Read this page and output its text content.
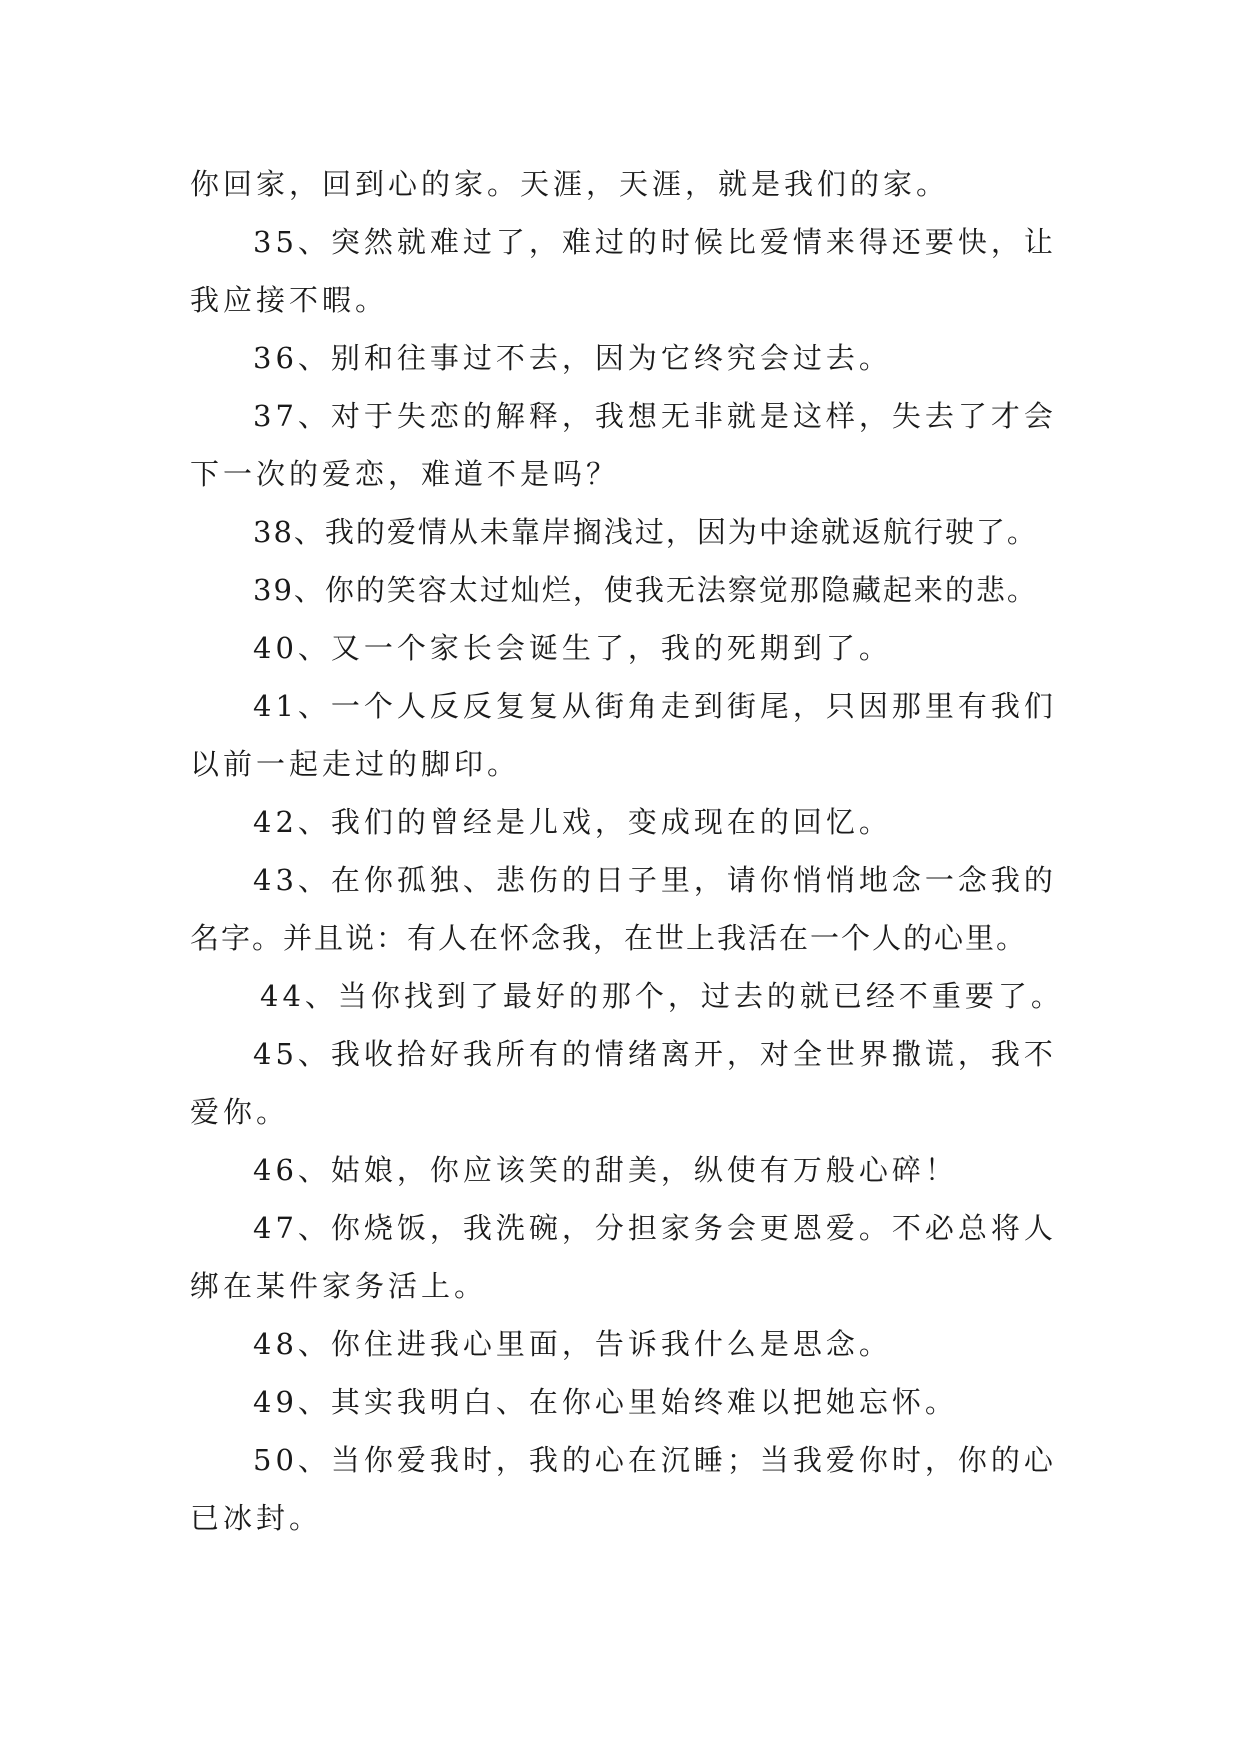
你回家，回到心的家。天涯，天涯，就是我们的家。
35、突然就难过了，难过的时候比爱情来得还要快，让
我应接不暇。
36、别和往事过不去，因为它终究会过去。
37、对于失恋的解释，我想无非就是这样，失去了才会
下一次的爱恋，难道不是吗？
38、我的爱情从未靠岸搁浅过，因为中途就返航行驶了。
39、你的笑容太过灿烂，使我无法察觉那隐藏起来的悲。
40、又一个家长会诞生了，我的死期到了。
41、一个人反反复复从街角走到街尾，只因那里有我们
以前一起走过的脚印。
42、我们的曾经是儿戏，变成现在的回忆。
43、在你孤独、悲伤的日子里，请你悄悄地念一念我的
名字。并且说：有人在怀念我，在世上我活在一个人的心里。
44、当你找到了最好的那个，过去的就已经不重要了。
45、我收拾好我所有的情绪离开，对全世界撒谎，我不
爱你。
46、姑娘，你应该笑的甜美，纵使有万般心碎！
47、你烧饭，我洗碗，分担家务会更恩爱。不必总将人
绑在某件家务活上。
48、你住进我心里面，告诉我什么是思念。
49、其实我明白、在你心里始终难以把她忘怀。
50、当你爱我时，我的心在沉睡；当我爱你时，你的心
已冰封。
